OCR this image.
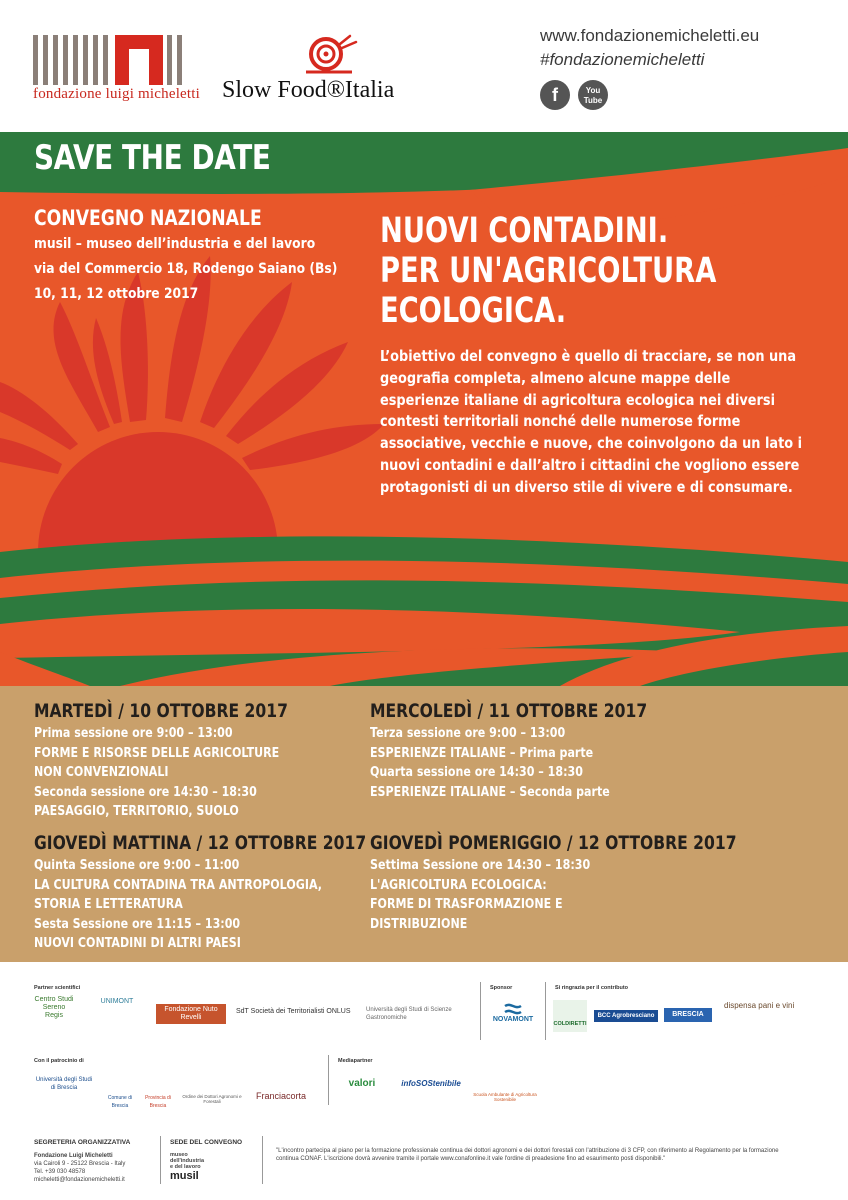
fondazione luigi micheletti Slow Food®Italia
www.fondazionemicheletti.eu
#fondazionemicheletti
f	You
Tube
SAVE THE DATE
CONVEGNO NAZIONALE
musil – museo dell’industria e del lavoro
via del Commercio 18, Rodengo Saiano (Bs)
10, 11, 12 ottobre 2017
NUOVI CONTADINI.
PER UN'AGRICOLTURA
ECOLOGICA.
L’obiettivo del convegno è quello di tracciare, se non una geografia completa, almeno alcune mappe delle esperienze italiane di agricoltura ecologica nei diversi contesti territoriali nonché delle numerose forme associative, vecchie e nuove, che coinvolgono da un lato i nuovi contadini e dall’altro i cittadini che vogliono essere protagonisti di un diverso stile di vivere e di consumare.
MARTEDÌ / 10 OTTOBRE 2017
Prima sessione ore 9:00 – 13:00
FORME E RISORSE DELLE AGRICOLTURE
NON CONVENZIONALI
Seconda sessione ore 14:30 – 18:30
PAESAGGIO, TERRITORIO, SUOLO
MERCOLEDÌ / 11 OTTOBRE 2017
Terza sessione ore 9:00 – 13:00
ESPERIENZE ITALIANE – Prima parte
Quarta sessione ore 14:30 – 18:30
ESPERIENZE ITALIANE – Seconda parte
GIOVEDÌ MATTINA / 12 OTTOBRE 2017
Quinta Sessione ore 9:00 – 11:00
LA CULTURA CONTADINA TRA ANTROPOLOGIA,
STORIA E LETTERATURA
Sesta Sessione ore 11:15 – 13:00
NUOVI CONTADINI DI ALTRI PAESI
GIOVEDÌ POMERIGGIO / 12 OTTOBRE 2017
Settima Sessione ore 14:30 – 18:30
L'AGRICOLTURA ECOLOGICA:
FORME DI TRASFORMAZIONE E
DISTRIBUZIONE
Partner scientifici	Sponsor	Si ringrazia per il contributo
Centro Studi Sereno Regis
UNIMONT
Fondazione Nuto Revelli
SdT Società dei Territorialisti ONLUS	Università degli Studi di Scienze Gastronomiche	NOVAMONT
COLDIRETTI
BCC Agrobresciano	BRESCIA
dispensa pani e vini
Con il patrocinio di	Mediapartner
Università degli Studi di Brescia
Comune di Brescia
Provincia di Brescia
Ordine dei Dottori Agronomi e Forestali
Franciacorta
valori	infoSOStenibile
Scuola Ambulante di Agricoltura Sostenibile
SEGRETERIA ORGANIZZATIVA
Fondazione Luigi Micheletti
via Cairoli 9 - 25122 Brescia - Italy
Tel. +39 030 48578
micheletti@fondazionemicheletti.it
SEDE DEL CONVEGNO
museo
dell'industria
e del lavoro
musil
"L'incontro partecipa al piano per la formazione professionale continua dei dottori agronomi e dei dottori forestali con l'attribuzione di 3 CFP, con riferimento al Regolamento per la formazione continua CONAF. L'iscrizione dovrà avvenire tramite il portale www.conafonline.it vale l'ordine di preadesione fino ad esaurimento posti disponibili."
